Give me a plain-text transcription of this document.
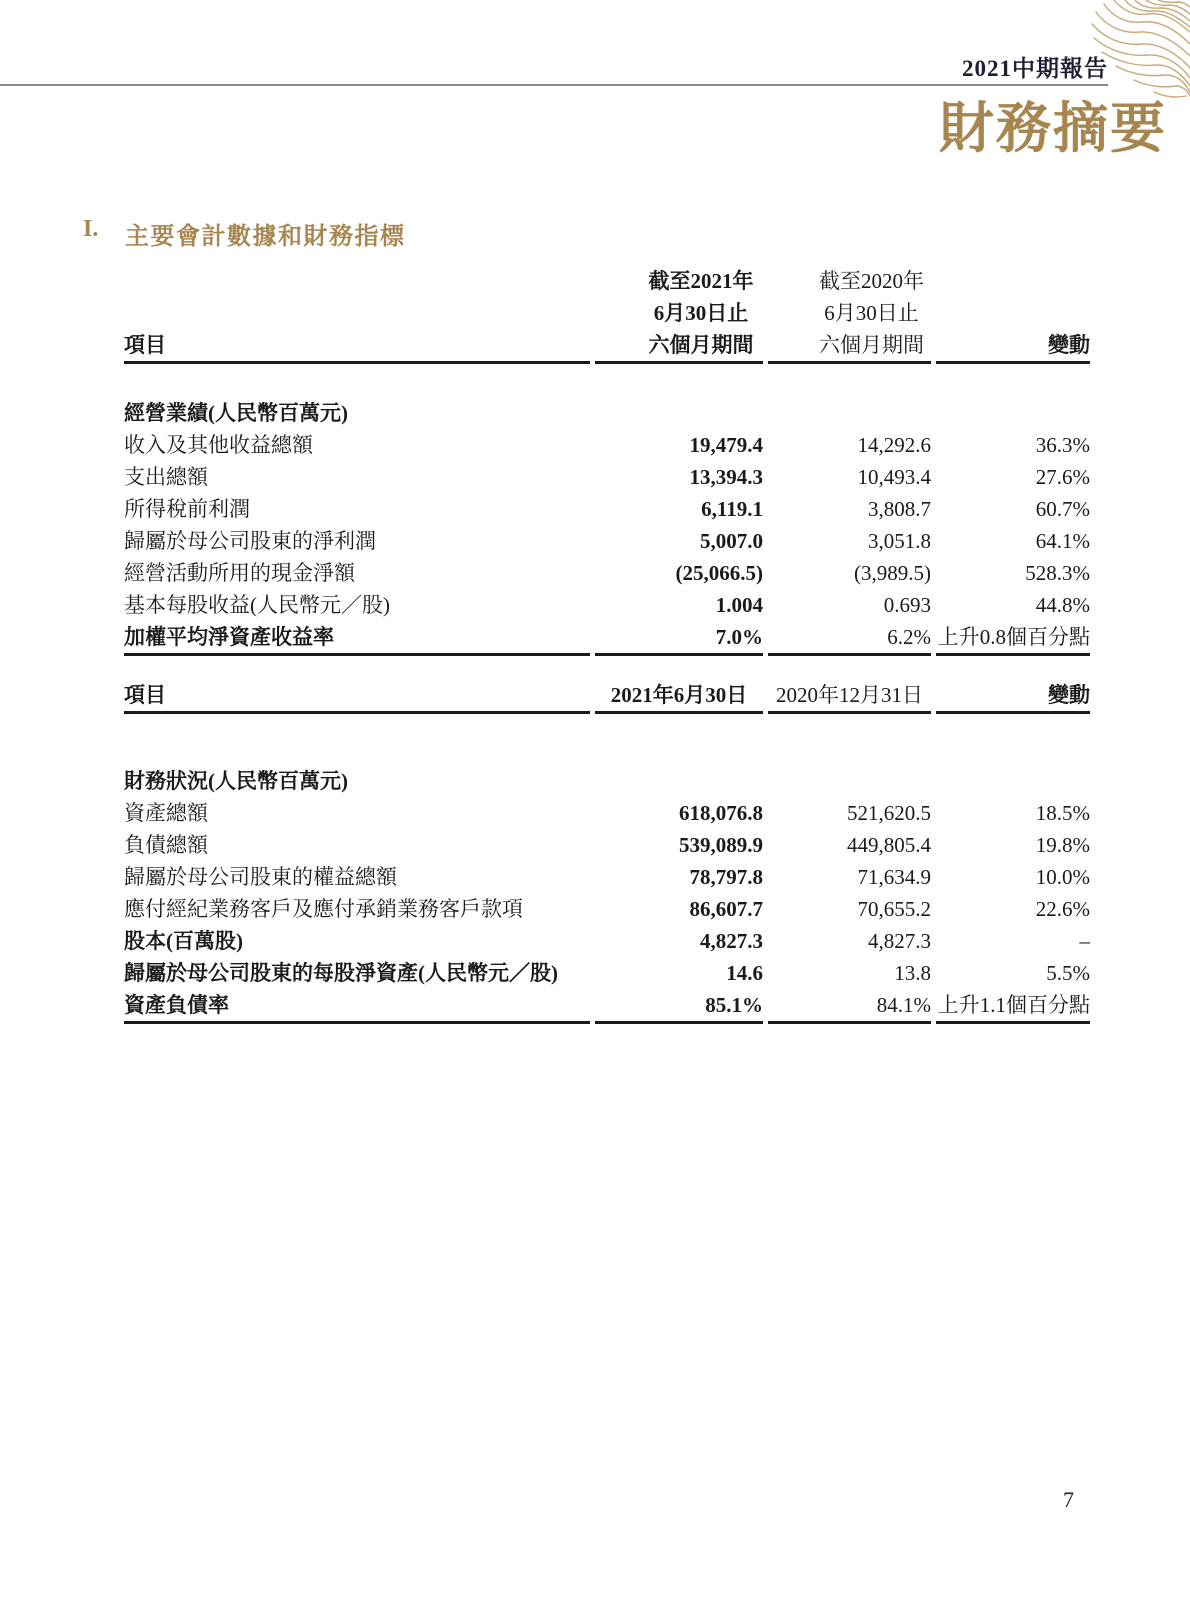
2021中期報告
財務摘要
I.	主要會計數據和財務指標
	截至2021年	截至2020年	
	6月30日止	6月30日止	
項目	六個月期間	六個月期間	變動
經營業績(人民幣百萬元)			
收入及其他收益總額	19,479.4	14,292.6	36.3%
支出總額	13,394.3	10,493.4	27.6%
所得稅前利潤	6,119.1	3,808.7	60.7%
歸屬於母公司股東的淨利潤	5,007.0	3,051.8	64.1%
經營活動所用的現金淨額	(25,066.5)	(3,989.5)	528.3%
基本每股收益(人民幣元／股)	1.004	0.693	44.8%
加權平均淨資產收益率	7.0%	6.2%	上升0.8個百分點
項目	2021年6月30日	2020年12月31日	變動
財務狀況(人民幣百萬元)			
資產總額	618,076.8	521,620.5	18.5%
負債總額	539,089.9	449,805.4	19.8%
歸屬於母公司股東的權益總額	78,797.8	71,634.9	10.0%
應付經紀業務客戶及應付承銷業務客戶款項	86,607.7	70,655.2	22.6%
股本(百萬股)	4,827.3	4,827.3	–
歸屬於母公司股東的每股淨資產(人民幣元／股)	14.6	13.8	5.5%
資產負債率	85.1%	84.1%	上升1.1個百分點
7
